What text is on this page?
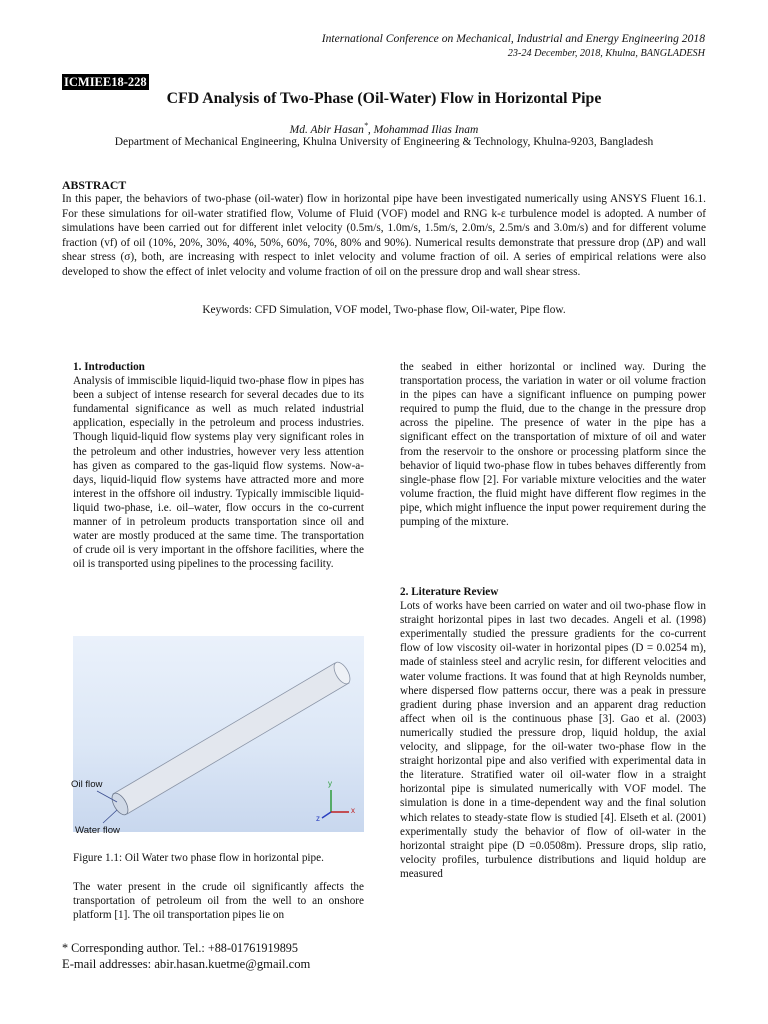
International Conference on Mechanical, Industrial and Energy Engineering 2018
23-24 December, 2018, Khulna, BANGLADESH
ICMIEE18-228
CFD Analysis of Two-Phase (Oil-Water) Flow in Horizontal Pipe
Md. Abir Hasan*, Mohammad Ilias Inam
Department of Mechanical Engineering, Khulna University of Engineering & Technology, Khulna-9203, Bangladesh
ABSTRACT
In this paper, the behaviors of two-phase (oil-water) flow in horizontal pipe have been investigated numerically using ANSYS Fluent 16.1. For these simulations for oil-water stratified flow, Volume of Fluid (VOF) model and RNG k-ε turbulence model is adopted. A number of simulations have been carried out for different inlet velocity (0.5m/s, 1.0m/s, 1.5m/s, 2.0m/s, 2.5m/s and 3.0m/s) and for different volume fraction (vf) of oil (10%, 20%, 30%, 40%, 50%, 60%, 70%, 80% and 90%). Numerical results demonstrate that pressure drop (ΔP) and wall shear stress (σ), both, are increasing with respect to inlet velocity and volume fraction of oil. A series of empirical relations were also developed to show the effect of inlet velocity and volume fraction of oil on the pressure drop and wall shear stress.
Keywords: CFD Simulation, VOF model, Two-phase flow, Oil-water, Pipe flow.
1. Introduction
Analysis of immiscible liquid-liquid two-phase flow in pipes has been a subject of intense research for several decades due to its fundamental significance as well as much related industrial application, especially in the petroleum and process industries. Though liquid-liquid flow systems play very significant roles in the petroleum and other industries, however very less attention has given as compared to the gas-liquid flow systems. Now-a-days, liquid-liquid flow systems have attracted more and more interest in the offshore oil industry. Typically immiscible liquid-liquid two-phase, i.e. oil–water, flow occurs in the co-current manner of in petroleum products transportation since oil and water are mostly produced at the same time. The transportation of crude oil is very important in the offshore facilities, where the oil is transported using pipelines to the processing facility.
Oil flow
Water flow
y
x
z
Figure 1.1: Oil Water two phase flow in horizontal pipe.
The water present in the crude oil significantly affects the transportation of petroleum oil from the well to an onshore platform [1]. The oil transportation pipes lie on
the seabed in either horizontal or inclined way. During the transportation process, the variation in water or oil volume fraction in the pipes can have a significant influence on pumping power required to pump the fluid, due to the change in the pressure drop across the pipeline. The presence of water in the pipe has a significant effect on the transportation of mixture of oil and water from the reservoir to the onshore or processing platform since the behavior of liquid two-phase flow in tubes behaves differently from single-phase flow [2]. For variable mixture velocities and the water volume fraction, the fluid might have different flow regimes in the pipe, which might influence the input power requirement during the pumping of the mixture.
2. Literature Review
Lots of works have been carried on water and oil two-phase flow in straight horizontal pipes in last two decades. Angeli et al. (1998) experimentally studied the pressure gradients for the co-current flow of low viscosity oil-water in horizontal pipes (D = 0.0254 m), made of stainless steel and acrylic resin, for different velocities and water volume fractions. It was found that at high Reynolds number, where dispersed flow patterns occur, there was a peak in pressure gradient during phase inversion and an apparent drag reduction affect when oil is the continuous phase [3]. Gao et al. (2003) numerically studied the pressure drop, liquid holdup, the axial velocity, and slippage, for the oil-water two-phase flow in the straight horizontal pipe and also verified with experimental data in the literature. Stratified water oil oil-water flow in a straight horizontal pipe is simulated numerically with VOF model. The simulation is done in a time-dependent way and the final solution which relates to steady-state flow is studied [4]. Elseth et al. (2001) experimentally study the behavior of flow of oil-water in the horizontal straight pipe (D =0.0508m). Pressure drops, slip ratio, velocity profiles, turbulence distributions and liquid holdup are measured
* Corresponding author. Tel.: +88-01761919895
E-mail addresses: abir.hasan.kuetme@gmail.com
